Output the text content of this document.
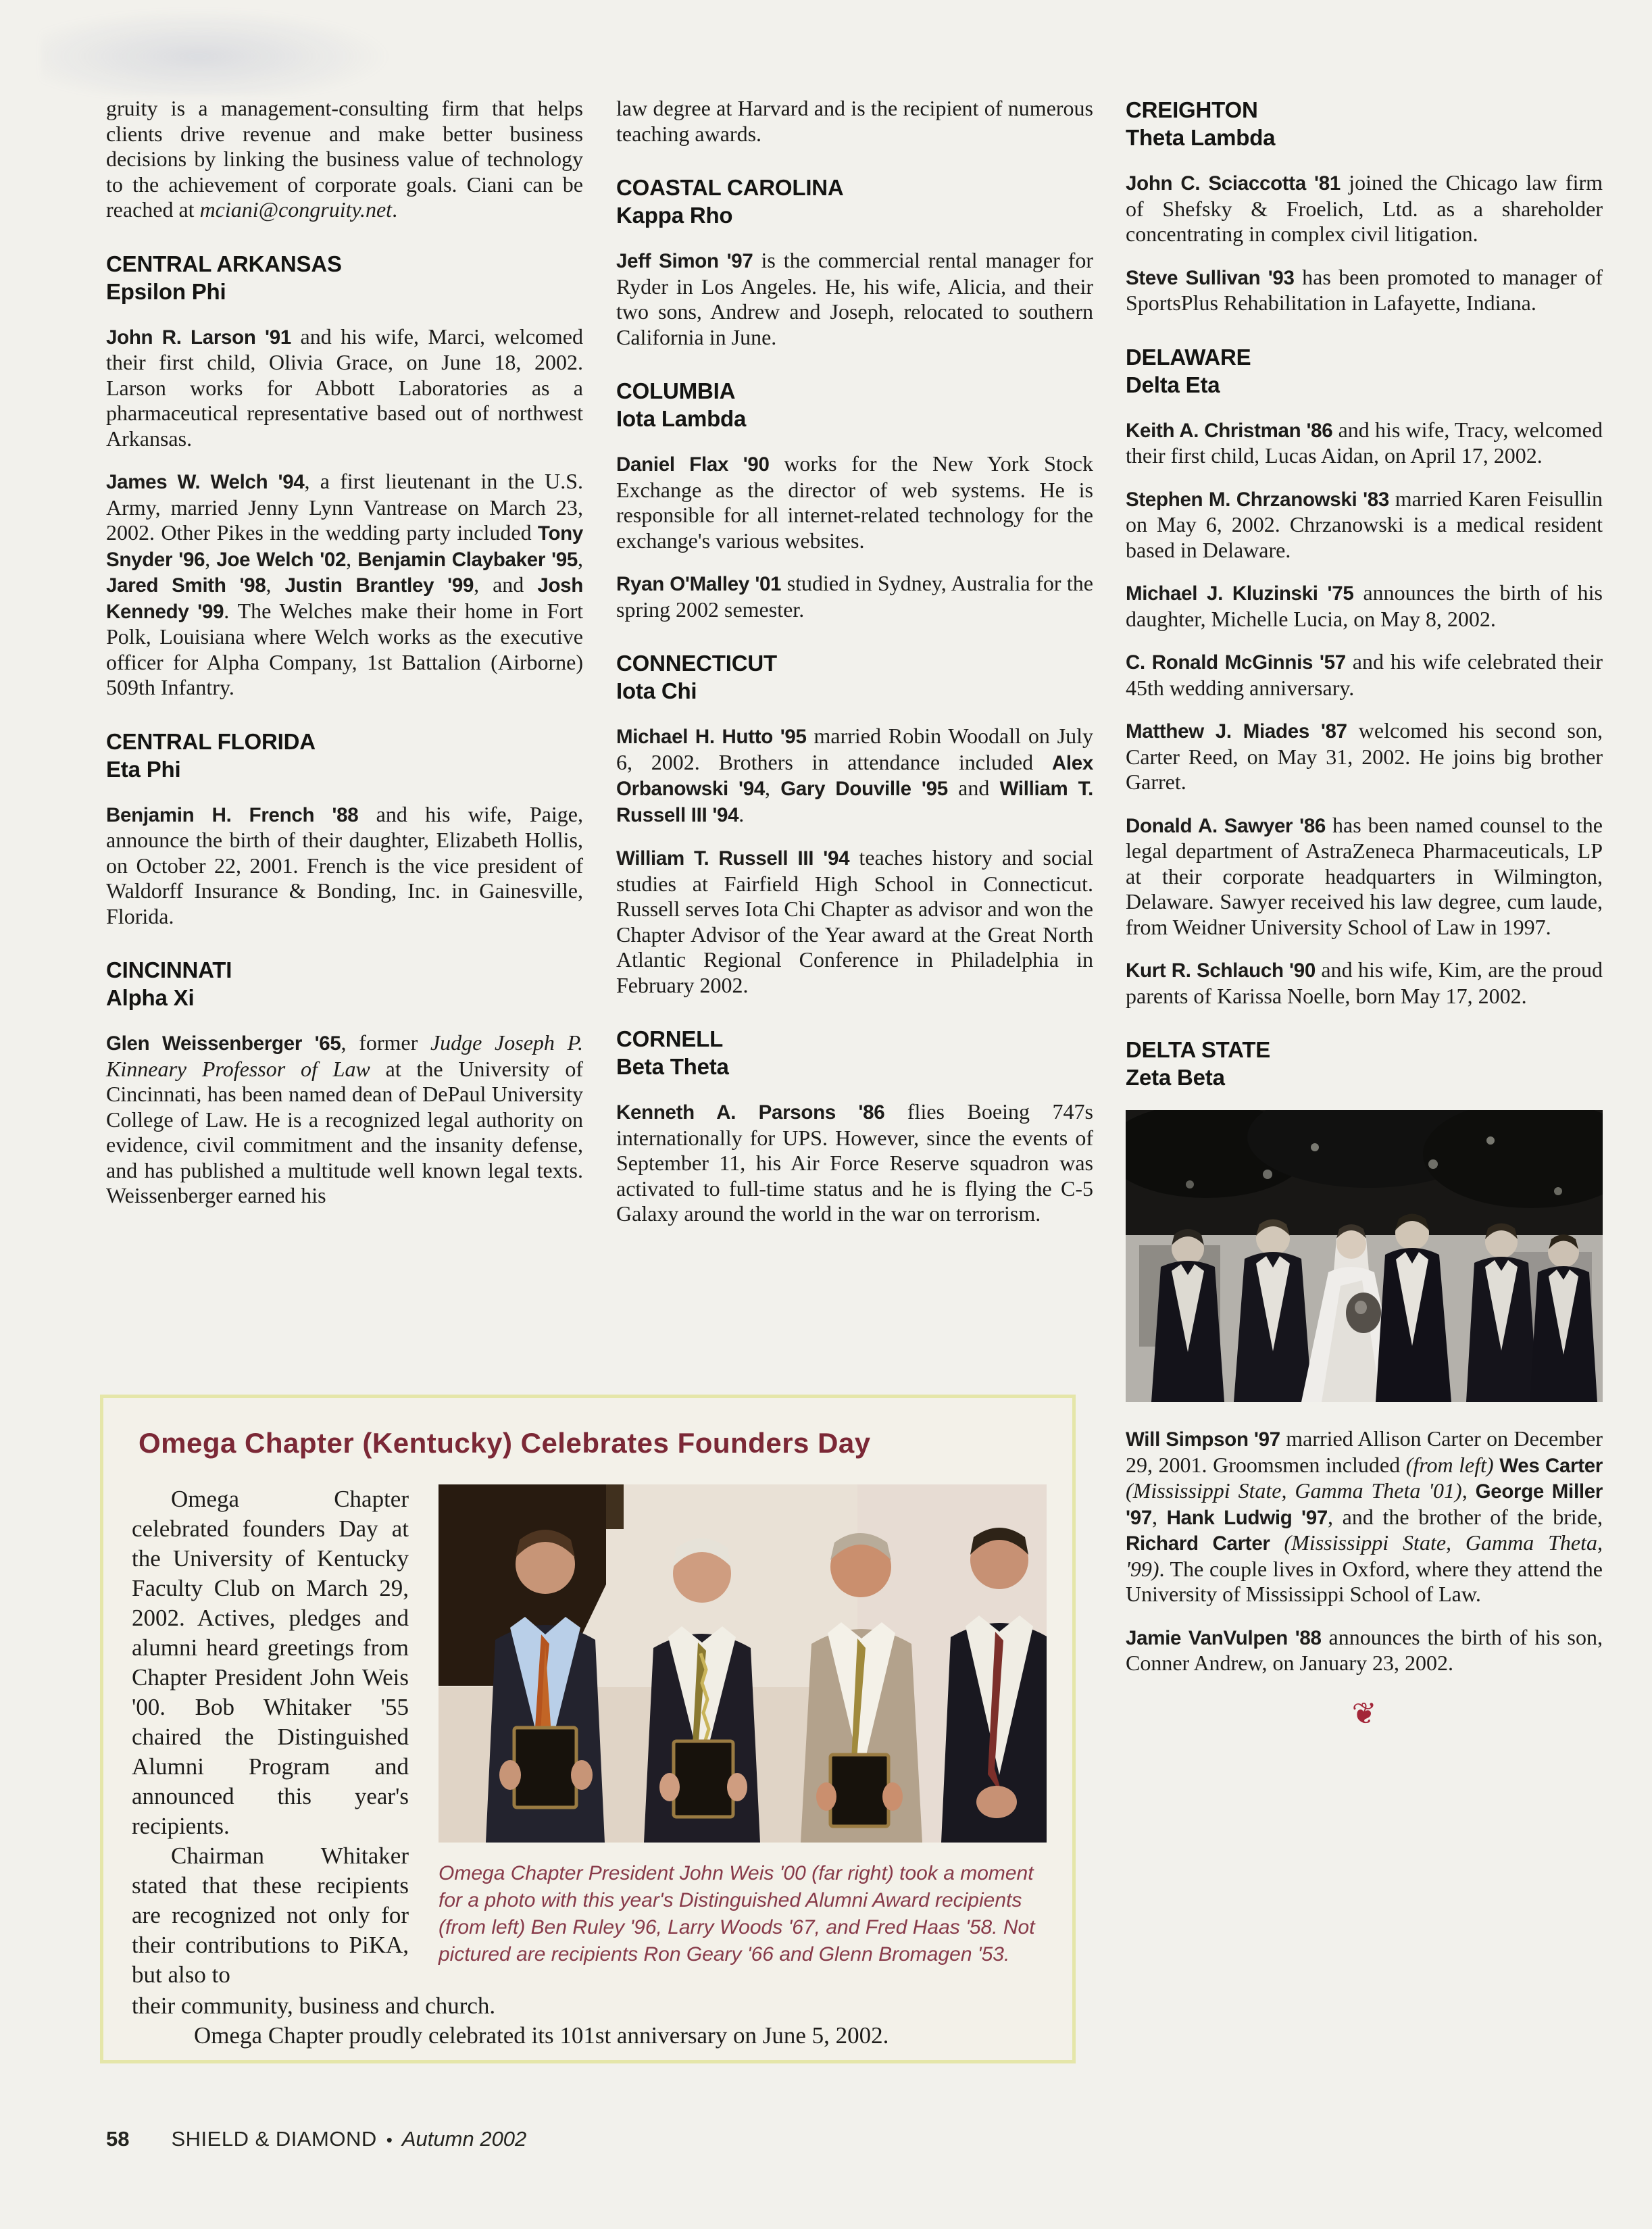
gruity is a management-consulting firm that helps clients drive revenue and make better business decisions by linking the business value of technology to the achievement of corporate goals. Ciani can be reached at mciani@congruity.net.

CENTRAL ARKANSAS
Epsilon Phi

John R. Larson '91 and his wife, Marci, welcomed their first child, Olivia Grace, on June 18, 2002. Larson works for Abbott Laboratories as a pharmaceutical representative based out of northwest Arkansas.

James W. Welch '94, a first lieutenant in the U.S. Army, married Jenny Lynn Vantrease on March 23, 2002. Other Pikes in the wedding party included Tony Snyder '96, Joe Welch '02, Benjamin Claybaker '95, Jared Smith '98, Justin Brantley '99, and Josh Kennedy '99. The Welches make their home in Fort Polk, Louisiana where Welch works as the executive officer for Alpha Company, 1st Battalion (Airborne) 509th Infantry.

CENTRAL FLORIDA
Eta Phi

Benjamin H. French '88 and his wife, Paige, announce the birth of their daughter, Elizabeth Hollis, on October 22, 2001. French is the vice president of Waldorff Insurance & Bonding, Inc. in Gainesville, Florida.

CINCINNATI
Alpha Xi

Glen Weissenberger '65, former Judge Joseph P. Kinneary Professor of Law at the University of Cincinnati, has been named dean of DePaul University College of Law. He is a recognized legal authority on evidence, civil commitment and the insanity defense, and has published a multitude well known legal texts. Weissenberger earned his

law degree at Harvard and is the recipient of numerous teaching awards.

COASTAL CAROLINA
Kappa Rho

Jeff Simon '97 is the commercial rental manager for Ryder in Los Angeles. He, his wife, Alicia, and their two sons, Andrew and Joseph, relocated to southern California in June.

COLUMBIA
Iota Lambda

Daniel Flax '90 works for the New York Stock Exchange as the director of web systems. He is responsible for all internet-related technology for the exchange's various websites.

Ryan O'Malley '01 studied in Sydney, Australia for the spring 2002 semester.

CONNECTICUT
Iota Chi

Michael H. Hutto '95 married Robin Woodall on July 6, 2002. Brothers in attendance included Alex Orbanowski '94, Gary Douville '95 and William T. Russell III '94.

William T. Russell III '94 teaches history and social studies at Fairfield High School in Connecticut. Russell serves Iota Chi Chapter as advisor and won the Chapter Advisor of the Year award at the Great North Atlantic Regional Conference in Philadelphia in February 2002.

CORNELL
Beta Theta

Kenneth A. Parsons '86 flies Boeing 747s internationally for UPS. However, since the events of September 11, his Air Force Reserve squadron was activated to full-time status and he is flying the C-5 Galaxy around the world in the war on terrorism.

CREIGHTON
Theta Lambda

John C. Sciaccotta '81 joined the Chicago law firm of Shefsky & Froelich, Ltd. as a shareholder concentrating in complex civil litigation.

Steve Sullivan '93 has been promoted to manager of SportsPlus Rehabilitation in Lafayette, Indiana.

DELAWARE
Delta Eta

Keith A. Christman '86 and his wife, Tracy, welcomed their first child, Lucas Aidan, on April 17, 2002.

Stephen M. Chrzanowski '83 married Karen Feisullin on May 6, 2002. Chrzanowski is a medical resident based in Delaware.

Michael J. Kluzinski '75 announces the birth of his daughter, Michelle Lucia, on May 8, 2002.

C. Ronald McGinnis '57 and his wife celebrated their 45th wedding anniversary.

Matthew J. Miades '87 welcomed his second son, Carter Reed, on May 31, 2002. He joins big brother Garret.

Donald A. Sawyer '86 has been named counsel to the legal department of AstraZeneca Pharmaceuticals, LP at their corporate headquarters in Wilmington, Delaware. Sawyer received his law degree, cum laude, from Weidner University School of Law in 1997.

Kurt R. Schlauch '90 and his wife, Kim, are the proud parents of Karissa Noelle, born May 17, 2002.

DELTA STATE
Zeta Beta

Will Simpson '97 married Allison Carter on December 29, 2001. Groomsmen included (from left) Wes Carter (Mississippi State, Gamma Theta '01), George Miller '97, Hank Ludwig '97, and the brother of the bride, Richard Carter (Mississippi State, Gamma Theta, '99). The couple lives in Oxford, where they attend the University of Mississippi School of Law.

Jamie VanVulpen '88 announces the birth of his son, Conner Andrew, on January 23, 2002.

❦
Omega Chapter (Kentucky) Celebrates Founders Day

Omega Chapter celebrated founders Day at the University of Kentucky Faculty Club on March 29, 2002. Actives, pledges and alumni heard greetings from Chapter President John Weis '00. Bob Whitaker '55 chaired the Distinguished Alumni Program and announced this year's recipients.

Chairman Whitaker stated that these recipients are recognized not only for their contributions to PiKA, but also to

Omega Chapter President John Weis '00 (far right) took a moment for a photo with this year's Distinguished Alumni Award recipients (from left) Ben Ruley '96, Larry Woods '67, and Fred Haas '58. Not pictured are recipients Ron Geary '66 and Glenn Bromagen '53.

their community, business and church.

Omega Chapter proudly celebrated its 101st anniversary on June 5, 2002.

58 SHIELD & DIAMOND • Autumn 2002
